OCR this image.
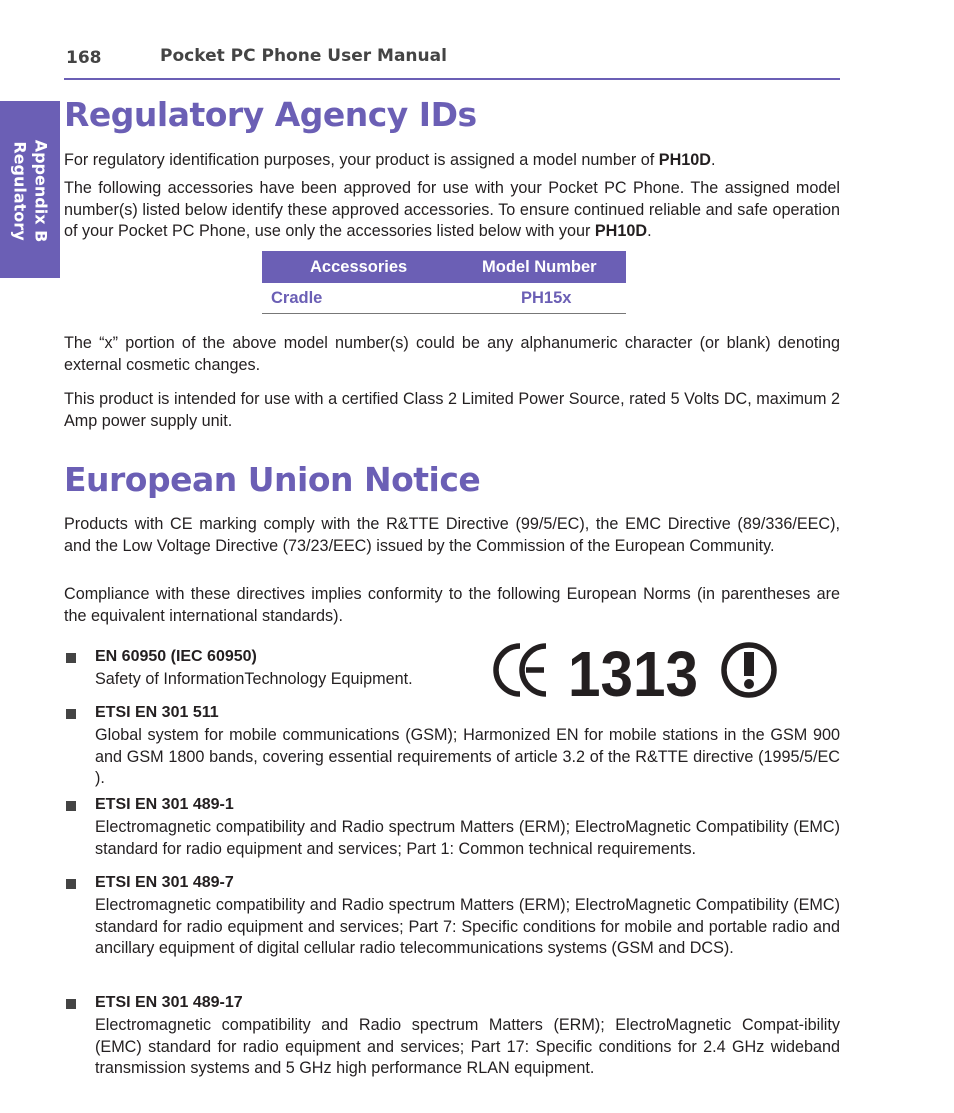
168	Pocket PC Phone User Manual
Appendix B
Regulatory
Regulatory Agency IDs

For regulatory identification purposes, your product is assigned a model number of PH10D.

The following accessories have been approved for use with your Pocket PC Phone. The assigned model number(s) listed below identify these approved accessories. To ensure continued reliable and safe operation of your Pocket PC Phone, use only the accessories listed below with your PH10D.

Accessories	Model Number
Cradle	PH15x

The “x” portion of the above model number(s) could be any alphanumeric character (or blank) denoting external cosmetic changes.

This product is intended for use with a certified Class 2 Limited Power Source, rated 5 Volts DC, maximum 2 Amp power supply unit.

European Union Notice

Products with CE marking comply with the R&TTE Directive (99/5/EC), the EMC Directive (89/336/EEC), and the Low Voltage Directive (73/23/EEC) issued by the Commission of the European Community.

Compliance with these directives implies conformity to the following European Norms (in parentheses are the equivalent international standards).

1313
EN 60950 (IEC 60950)

Safety of InformationTechnology Equipment.

ETSI EN 301 511

Global system for mobile communications (GSM); Harmonized EN for mobile stations in the GSM 900 and GSM 1800 bands, covering essential requirements of article 3.2 of the R&TTE directive (1995/5/EC ).

ETSI EN 301 489-1

Electromagnetic compatibility and Radio spectrum Matters (ERM); ElectroMagnetic Compatibility (EMC) standard for radio equipment and services; Part 1: Common technical requirements.

ETSI EN 301 489-7

Electromagnetic compatibility and Radio spectrum Matters (ERM); ElectroMagnetic Compatibility (EMC) standard for radio equipment and services; Part 7: Specific conditions for mobile and portable radio and ancillary equipment of digital cellular radio telecommunications systems (GSM and DCS).

ETSI EN 301 489-17

Electromagnetic compatibility and Radio spectrum Matters (ERM); ElectroMagnetic Compat-ibility (EMC) standard for radio equipment and services; Part 17: Specific conditions for 2.4 GHz wideband transmission systems and 5 GHz high performance RLAN equipment.
